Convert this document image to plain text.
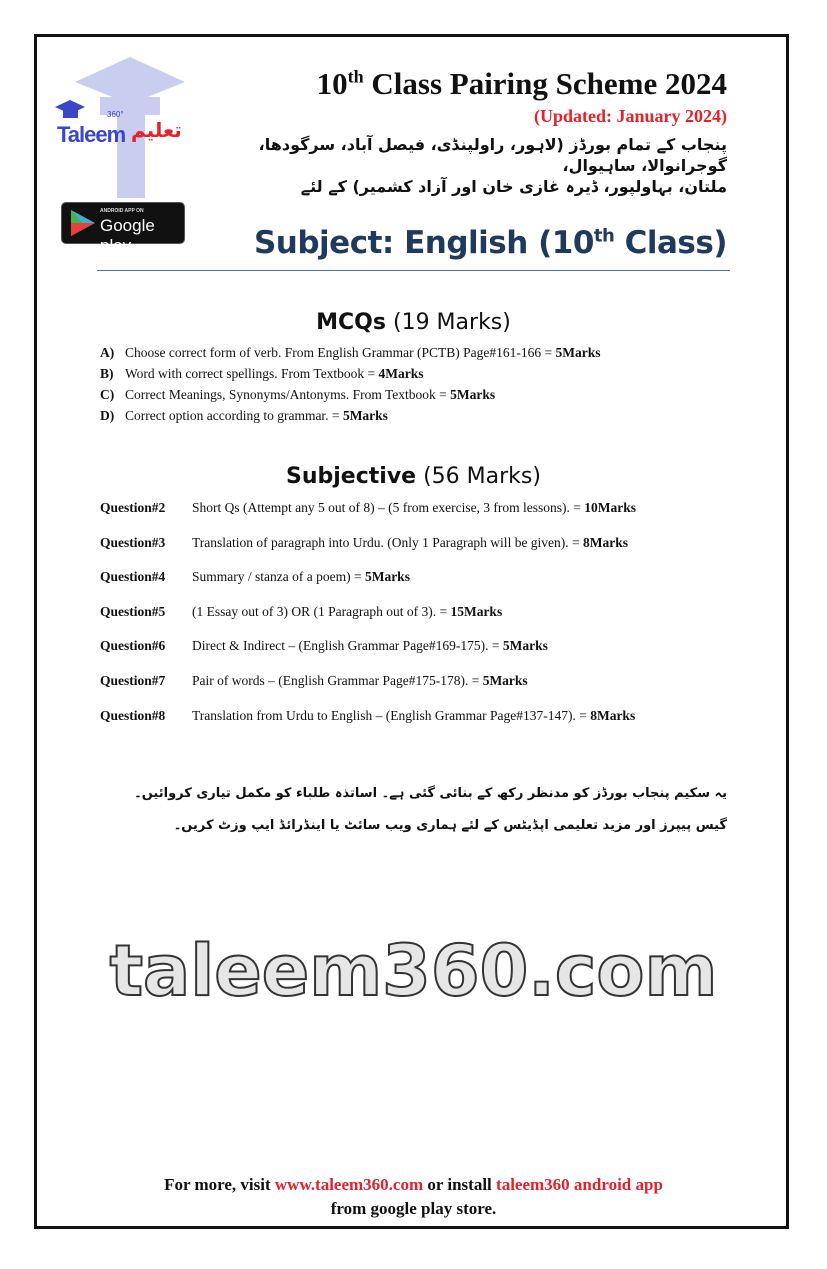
Taleem
360°
تعلیم
ANDROID APP ON
Google play
10th Class Pairing Scheme 2024
(Updated: January 2024)
پنجاب کے تمام بورڈز (لاہور، راولپنڈی، فیصل آباد، سرگودھا، گوجرانوالا، ساہیوال،
ملتان، بہاولپور، ڈیرہ غازی خان اور آزاد کشمیر) کے لئے
Subject: English (10th Class)
MCQs (19 Marks)
A) Choose correct form of verb. From English Grammar (PCTB) Page#161-166 = 5Marks
B) Word with correct spellings. From Textbook = 4Marks
C) Correct Meanings, Synonyms/Antonyms. From Textbook = 5Marks
D) Correct option according to grammar. = 5Marks
Subjective (56 Marks)
Question#2 Short Qs (Attempt any 5 out of 8) – (5 from exercise, 3 from lessons). = 10Marks
Question#3 Translation of paragraph into Urdu. (Only 1 Paragraph will be given). = 8Marks
Question#4 Summary / stanza of a poem) = 5Marks
Question#5 (1 Essay out of 3) OR (1 Paragraph out of 3). = 15Marks
Question#6 Direct & Indirect – (English Grammar Page#169-175). = 5Marks
Question#7 Pair of words – (English Grammar Page#175-178). = 5Marks
Question#8 Translation from Urdu to English – (English Grammar Page#137-147). = 8Marks
یہ سکیم پنجاب بورڈز کو مدنظر رکھ کے بنائی گئی ہے۔ اساتذہ طلباء کو مکمل تیاری کروائیں۔
گیس پیپرز اور مزید تعلیمی اپڈیٹس کے لئے ہماری ویب سائٹ یا اینڈرائڈ ایپ وزٹ کریں۔
taleem360.com
For more, visit www.taleem360.com or install taleem360 android app
from google play store.
